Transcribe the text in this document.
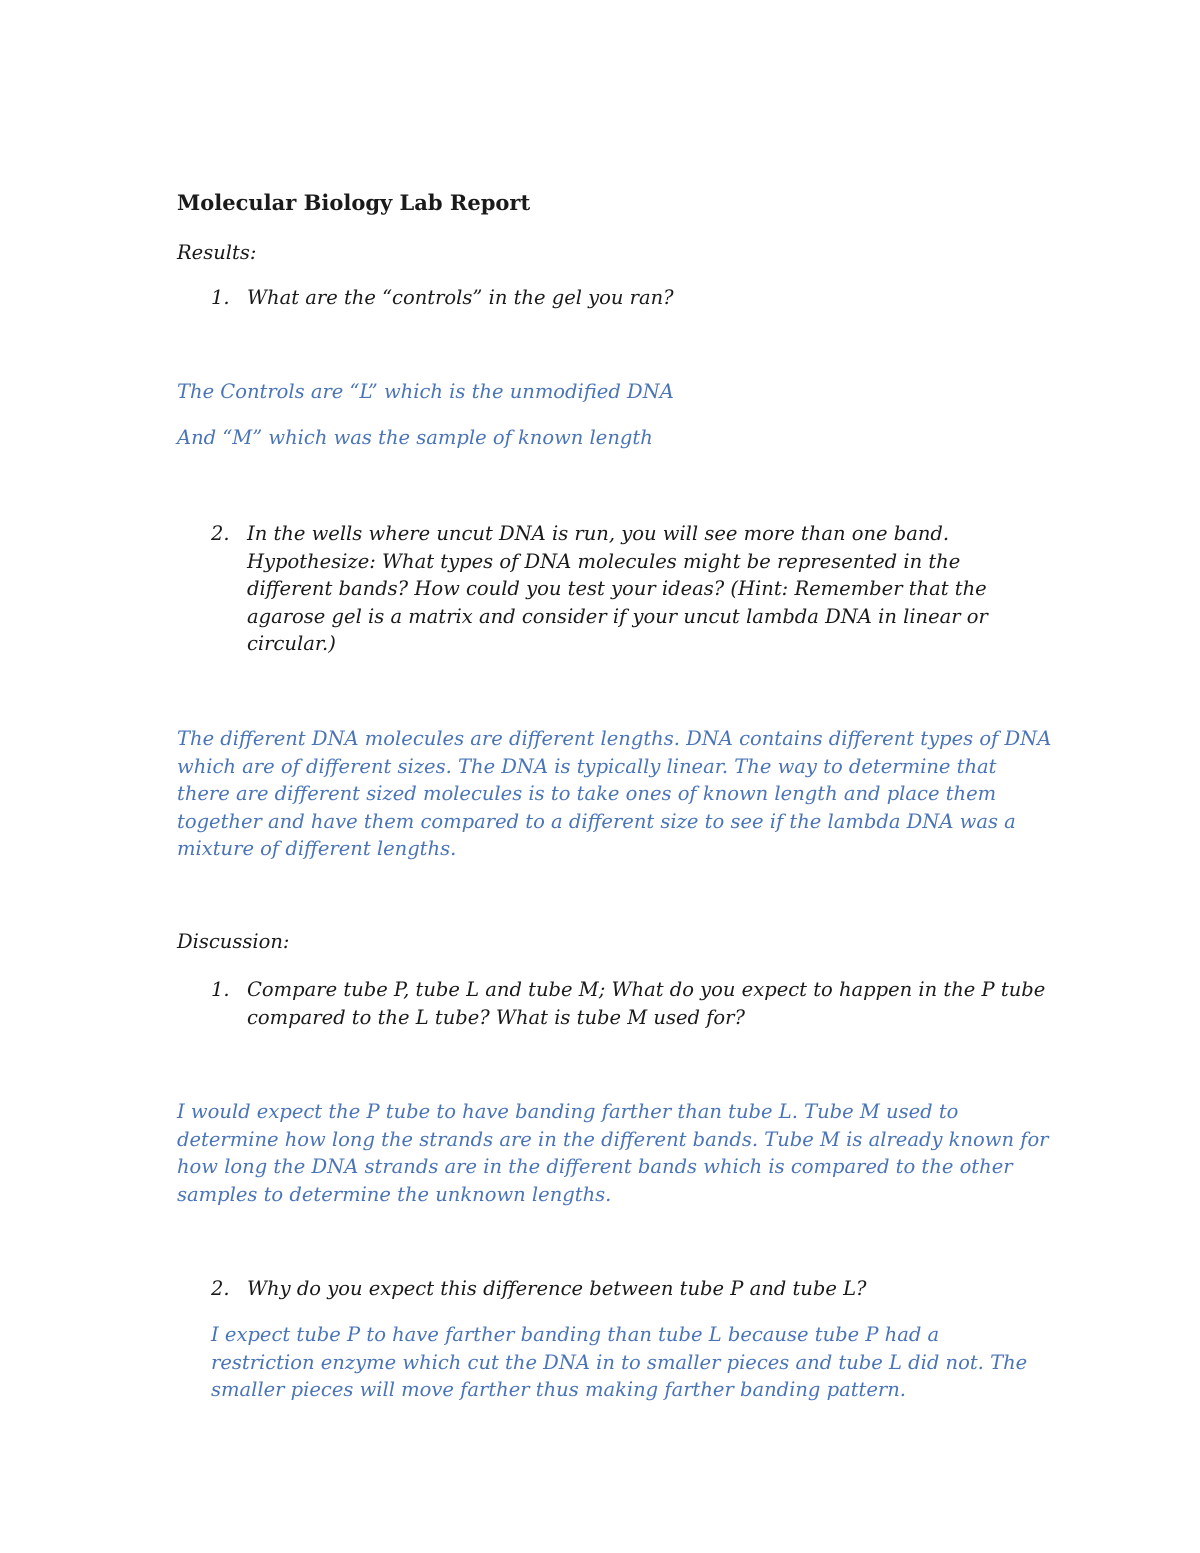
Molecular Biology Lab Report
Results:
1. What are the “controls” in the gel you ran?
The Controls are “L” which is the unmodified DNA
And “M” which was the sample of known length
2. In the wells where uncut DNA is run, you will see more than one band.
Hypothesize: What types of DNA molecules might be represented in the
different bands? How could you test your ideas? (Hint: Remember that the
agarose gel is a matrix and consider if your uncut lambda DNA in linear or
circular.)
The different DNA molecules are different lengths. DNA contains different types of DNA
which are of different sizes. The DNA is typically linear. The way to determine that
there are different sized molecules is to take ones of known length and place them
together and have them compared to a different size to see if the lambda DNA was a
mixture of different lengths.
Discussion:
1. Compare tube P, tube L and tube M; What do you expect to happen in the P tube
compared to the L tube? What is tube M used for?
I would expect the P tube to have banding farther than tube L. Tube M used to
determine how long the strands are in the different bands. Tube M is already known for
how long the DNA strands are in the different bands which is compared to the other
samples to determine the unknown lengths.
2. Why do you expect this difference between tube P and tube L?
I expect tube P to have farther banding than tube L because tube P had a
restriction enzyme which cut the DNA in to smaller pieces and tube L did not. The
smaller pieces will move farther thus making farther banding pattern.
